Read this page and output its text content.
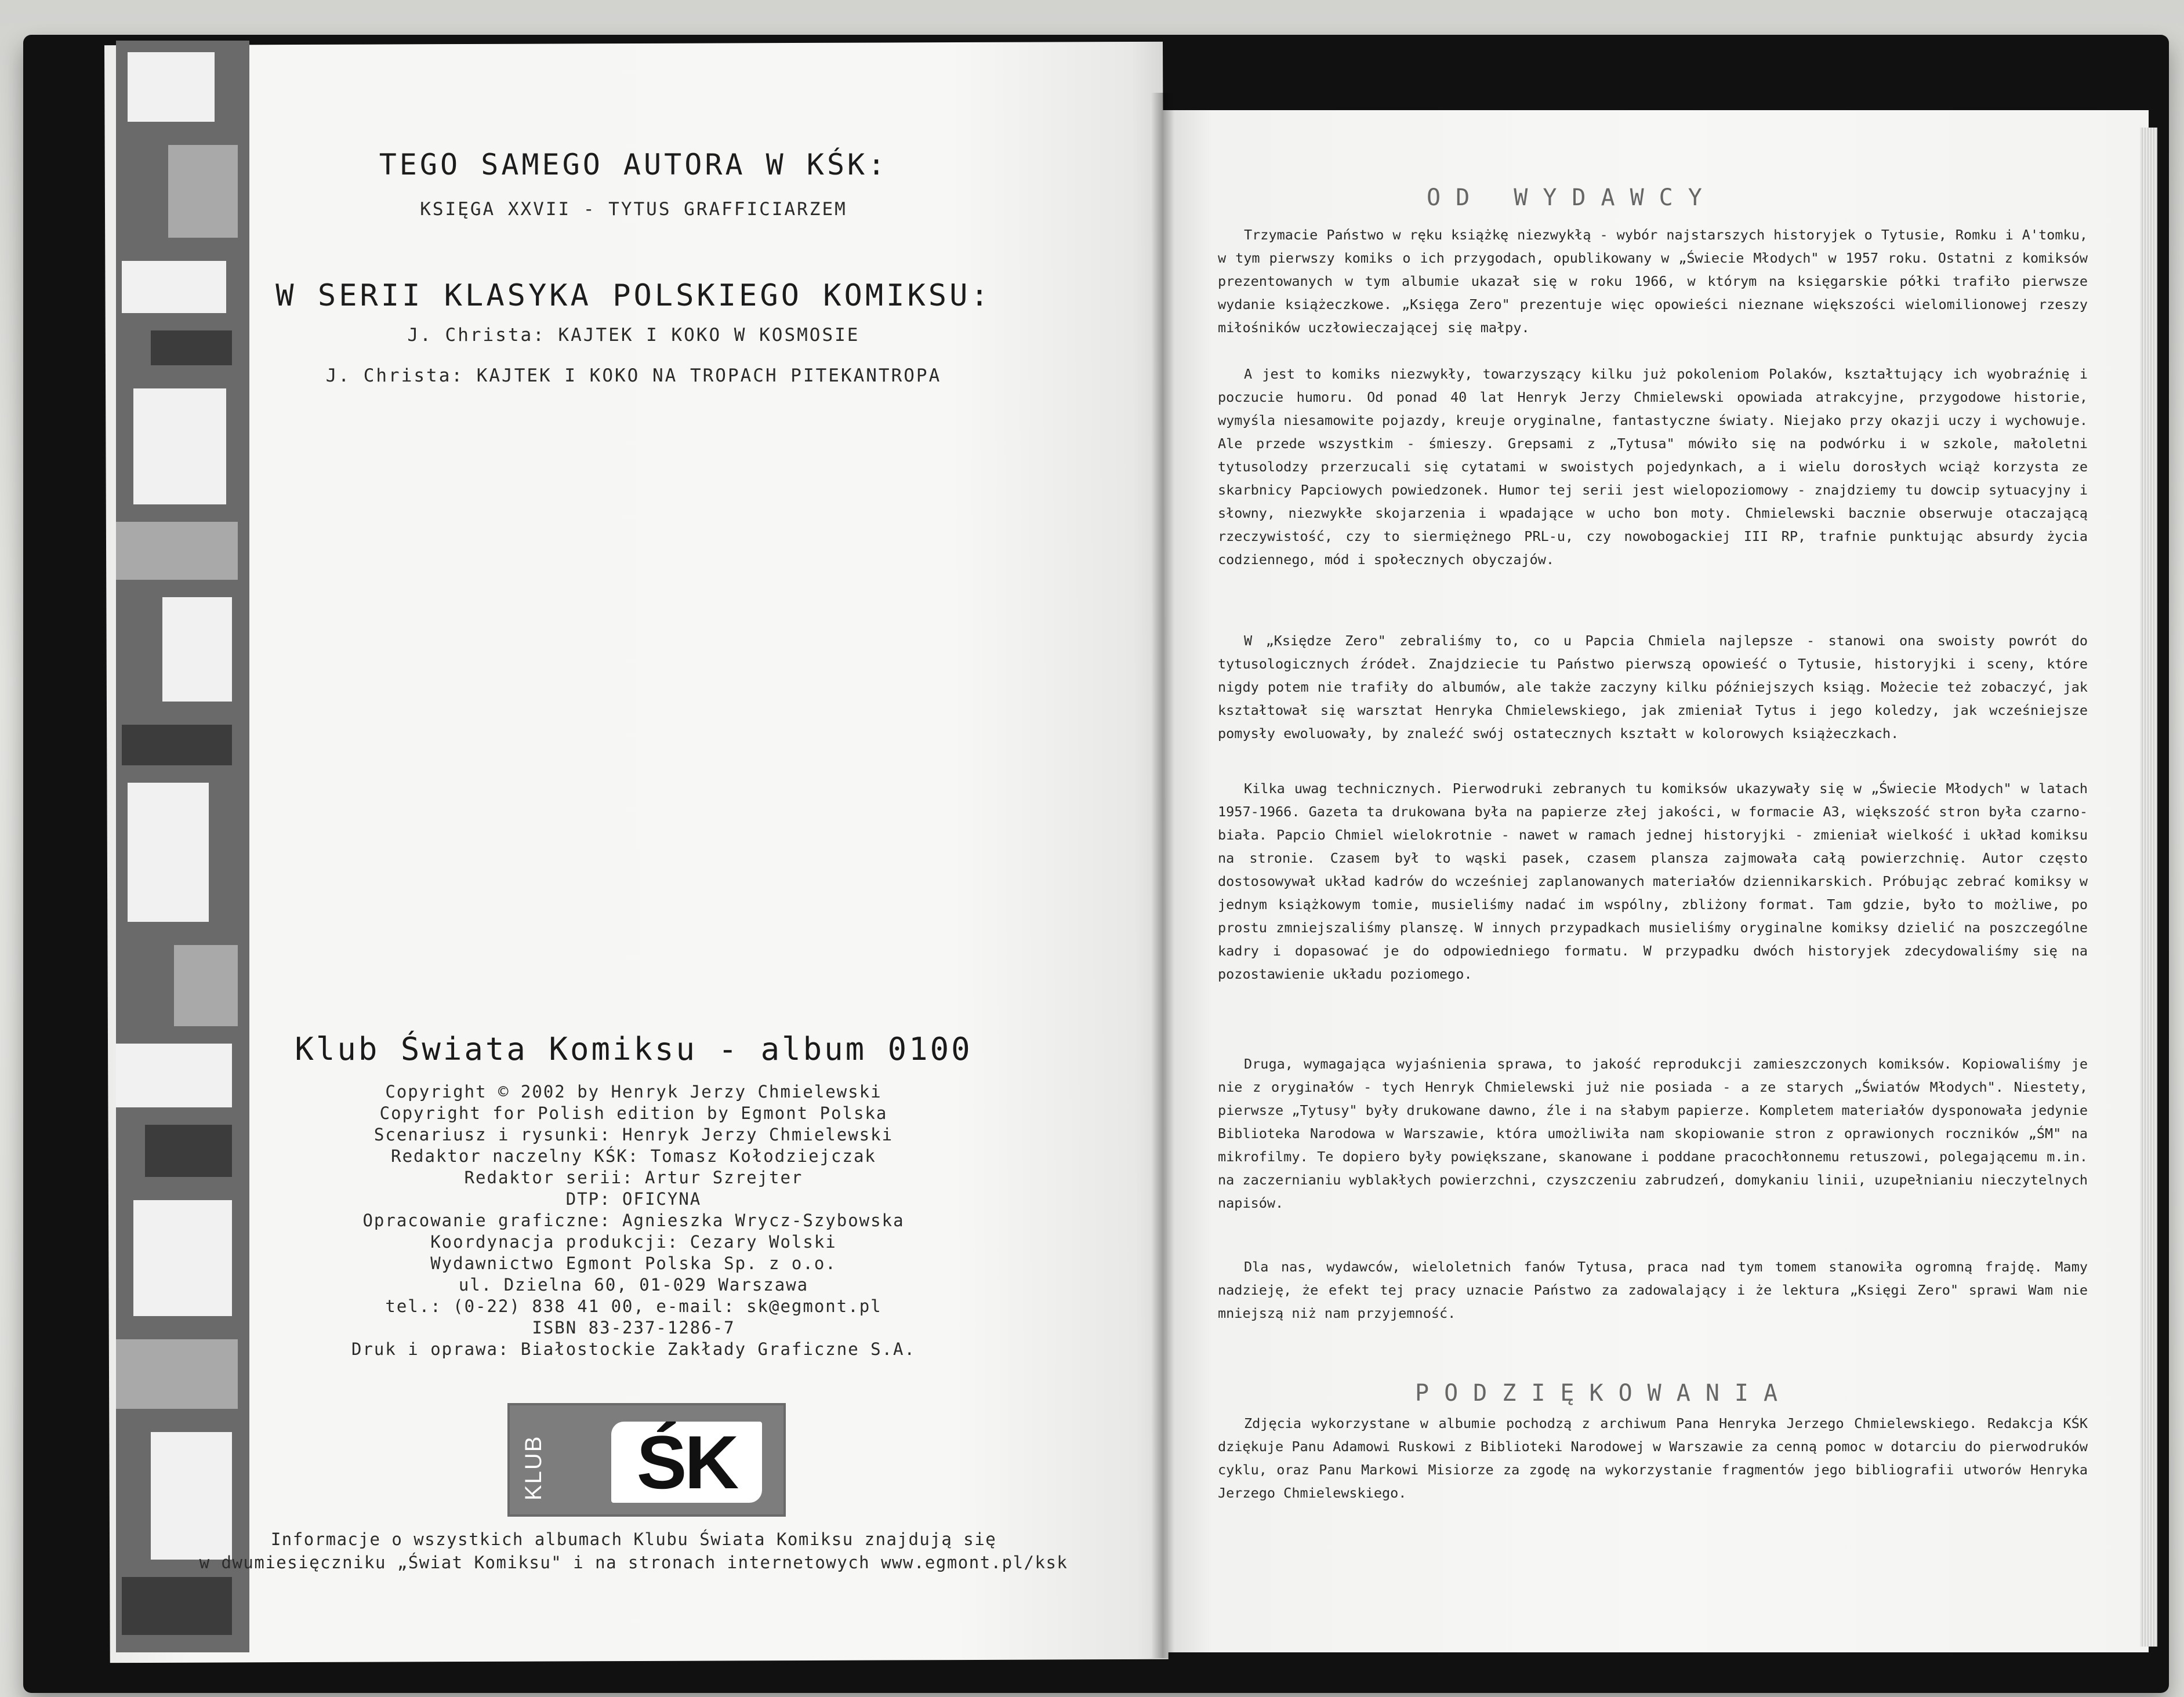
TEGO SAMEGO AUTORA W KŚK:
KSIĘGA XXVII - TYTUS GRAFFICIARZEM
W SERII KLASYKA POLSKIEGO KOMIKSU:
J. Christa: KAJTEK I KOKO W KOSMOSIE
J. Christa: KAJTEK I KOKO NA TROPACH PITEKANTROPA
Klub Świata Komiksu - album 0100
Copyright © 2002 by Henryk Jerzy Chmielewski
Copyright for Polish edition by Egmont Polska
Scenariusz i rysunki: Henryk Jerzy Chmielewski
Redaktor naczelny KŚK: Tomasz Kołodziejczak
Redaktor serii: Artur Szrejter
DTP: OFICYNA
Opracowanie graficzne: Agnieszka Wrycz-Szybowska
Koordynacja produkcji: Cezary Wolski
Wydawnictwo Egmont Polska Sp. z o.o.
ul. Dzielna 60, 01-029 Warszawa
tel.: (0-22) 838 41 00, e-mail: sk@egmont.pl
ISBN 83-237-1286-7
Druk i oprawa: Białostockie Zakłady Graficzne S.A.
KLUB	ŚK
Informacje o wszystkich albumach Klubu Świata Komiksu znajdują się
w dwumiesięczniku „Świat Komiksu" i na stronach internetowych www.egmont.pl/ksk
OD WYDAWCY

Trzymacie Państwo w ręku książkę niezwykłą - wybór najstarszych historyjek o Tytusie, Romku i A'tomku, w tym pierwszy komiks o ich przygodach, opublikowany w „Świecie Młodych" w 1957 roku. Ostatni z komiksów prezentowanych w tym albumie ukazał się w roku 1966, w którym na księgarskie półki trafiło pierwsze wydanie książeczkowe. „Księga Zero" prezentuje więc opowieści nieznane większości wielomilionowej rzeszy miłośników uczłowieczającej się małpy.

A jest to komiks niezwykły, towarzyszący kilku już pokoleniom Polaków, kształtujący ich wyobraźnię i poczucie humoru. Od ponad 40 lat Henryk Jerzy Chmielewski opowiada atrakcyjne, przygodowe historie, wymyśla niesamowite pojazdy, kreuje oryginalne, fantastyczne światy. Niejako przy okazji uczy i wychowuje. Ale przede wszystkim - śmieszy. Grepsami z „Tytusa" mówiło się na podwórku i w szkole, małoletni tytusolodzy przerzucali się cytatami w swoistych pojedynkach, a i wielu dorosłych wciąż korzysta ze skarbnicy Papciowych powiedzonek. Humor tej serii jest wielopoziomowy - znajdziemy tu dowcip sytuacyjny i słowny, niezwykłe skojarzenia i wpadające w ucho bon moty. Chmielewski bacznie obserwuje otaczającą rzeczywistość, czy to siermiężnego PRL-u, czy nowobogackiej III RP, trafnie punktując absurdy życia codziennego, mód i społecznych obyczajów.

W „Księdze Zero" zebraliśmy to, co u Papcia Chmiela najlepsze - stanowi ona swoisty powrót do tytusologicznych źródeł. Znajdziecie tu Państwo pierwszą opowieść o Tytusie, historyjki i sceny, które nigdy potem nie trafiły do albumów, ale także zaczyny kilku późniejszych ksiąg. Możecie też zobaczyć, jak kształtował się warsztat Henryka Chmielewskiego, jak zmieniał Tytus i jego koledzy, jak wcześniejsze pomysły ewoluowały, by znaleźć swój ostatecznych kształt w kolorowych książeczkach.

Kilka uwag technicznych. Pierwodruki zebranych tu komiksów ukazywały się w „Świecie Młodych" w latach 1957-1966. Gazeta ta drukowana była na papierze złej jakości, w formacie A3, większość stron była czarno-biała. Papcio Chmiel wielokrotnie - nawet w ramach jednej historyjki - zmieniał wielkość i układ komiksu na stronie. Czasem był to wąski pasek, czasem plansza zajmowała całą powierzchnię. Autor często dostosowywał układ kadrów do wcześniej zaplanowanych materiałów dziennikarskich. Próbując zebrać komiksy w jednym książkowym tomie, musieliśmy nadać im wspólny, zbliżony format. Tam gdzie, było to możliwe, po prostu zmniejszaliśmy planszę. W innych przypadkach musieliśmy oryginalne komiksy dzielić na poszczególne kadry i dopasować je do odpowiedniego formatu. W przypadku dwóch historyjek zdecydowaliśmy się na pozostawienie układu poziomego.

Druga, wymagająca wyjaśnienia sprawa, to jakość reprodukcji zamieszczonych komiksów. Kopiowaliśmy je nie z oryginałów - tych Henryk Chmielewski już nie posiada - a ze starych „Światów Młodych". Niestety, pierwsze „Tytusy" były drukowane dawno, źle i na słabym papierze. Kompletem materiałów dysponowała jedynie Biblioteka Narodowa w Warszawie, która umożliwiła nam skopiowanie stron z oprawionych roczników „ŚM" na mikrofilmy. Te dopiero były powiększane, skanowane i poddane pracochłonnemu retuszowi, polegającemu m.in. na zaczernianiu wyblakłych powierzchni, czyszczeniu zabrudzeń, domykaniu linii, uzupełnianiu nieczytelnych napisów.

Dla nas, wydawców, wieloletnich fanów Tytusa, praca nad tym tomem stanowiła ogromną frajdę. Mamy nadzieję, że efekt tej pracy uznacie Państwo za zadowalający i że lektura „Księgi Zero" sprawi Wam nie mniejszą niż nam przyjemność.

PODZIĘKOWANIA

Zdjęcia wykorzystane w albumie pochodzą z archiwum Pana Henryka Jerzego Chmielewskiego. Redakcja KŚK dziękuje Panu Adamowi Ruskowi z Biblioteki Narodowej w Warszawie za cenną pomoc w dotarciu do pierwodruków cyklu, oraz Panu Markowi Misiorze za zgodę na wykorzystanie fragmentów jego bibliografii utworów Henryka Jerzego Chmielewskiego.
